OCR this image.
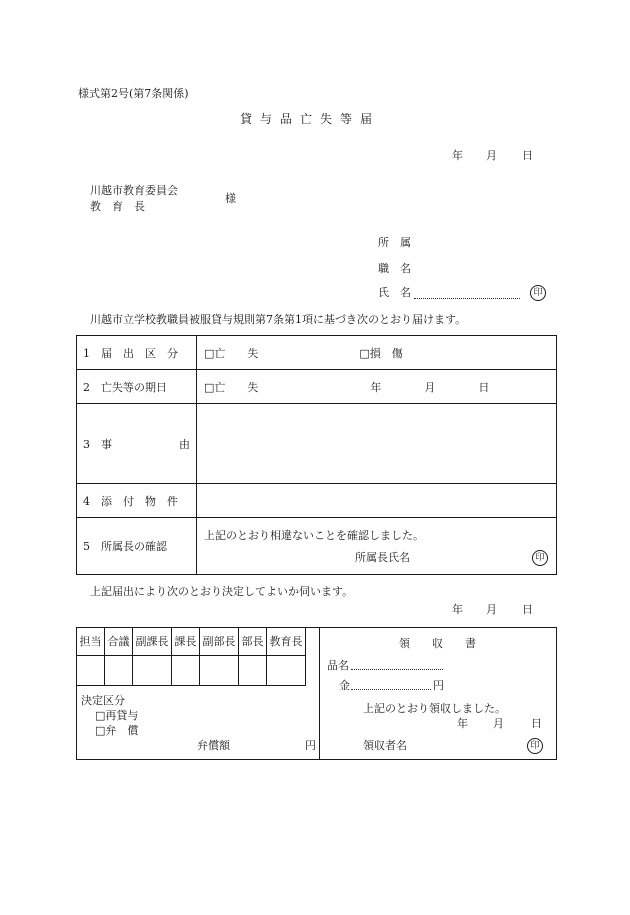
様式第2号(第7条関係)
貸与品亡失等届
年 月 日
川越市教育委員会
教　育　長
様
所　属
職　名
氏　名	印
川越市立学校教職員被服貸与規則第7条第1項に基づき次のとおり届けます。
1　届　出　区　分	□亡　　失 □損　傷
2　亡失等の期日	□亡　　失 年 月 日
3　事 由	

4　添　付　物　件	
5　所属長の確認	上記のとおり相違ないことを確認しました。
所属長氏名 印
上記届出により次のとおり決定してよいか伺います。
年 月 日
担当	合議	副課長	課長	副部長	部長	教育長

決定区分
□再貸与
□弁　償
弁償額	円
領　　収　　書
品名
金	円
上記のとおり領収しました。
年 月 日
領収者名	印
